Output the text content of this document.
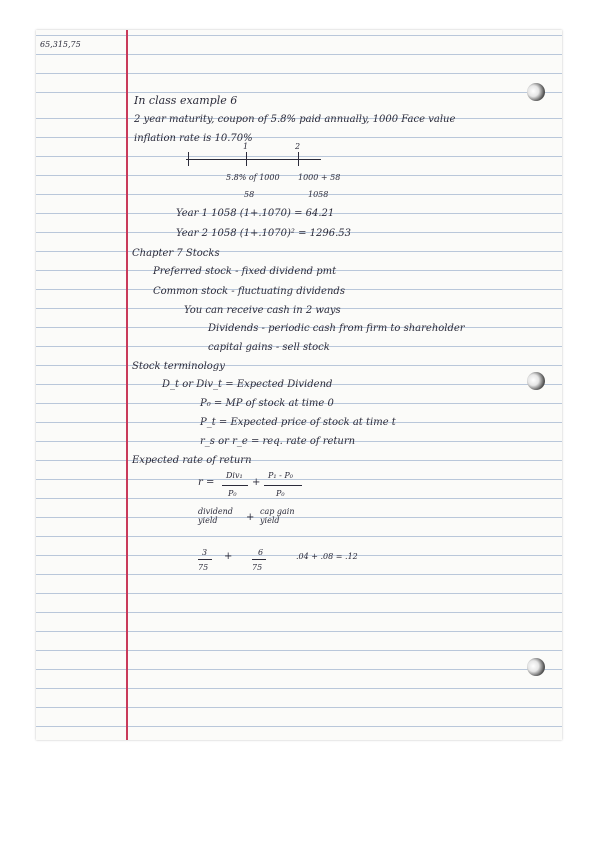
65,315,75
In class example 6
2 year maturity, coupon of 5.8% paid annually, 1000 Face value
inflation rate is 10.70%
1	2
5.8% of 1000 1000 + 58
58	1058
Year 1 1058 (1+.1070) = 64.21
Year 2 1058 (1+.1070)² = 1296.53
Chapter 7 Stocks
Preferred stock - fixed dividend pmt
Common stock - fluctuating dividends
You can receive cash in 2 ways
Dividends - periodic cash from firm to shareholder
capital gains - sell stock
Stock terminology
D_t or Div_t = Expected Dividend
P₀ = MP of stock at time 0
P_t = Expected price of stock at time t
r_s or r_e = req. rate of return
Expected rate of return
r =
Div₁
P₀
+
P₁ - P₀
P₀
dividend yield	+
cap gain yield
3
75
+	6
75
.04 + .08 = .12
